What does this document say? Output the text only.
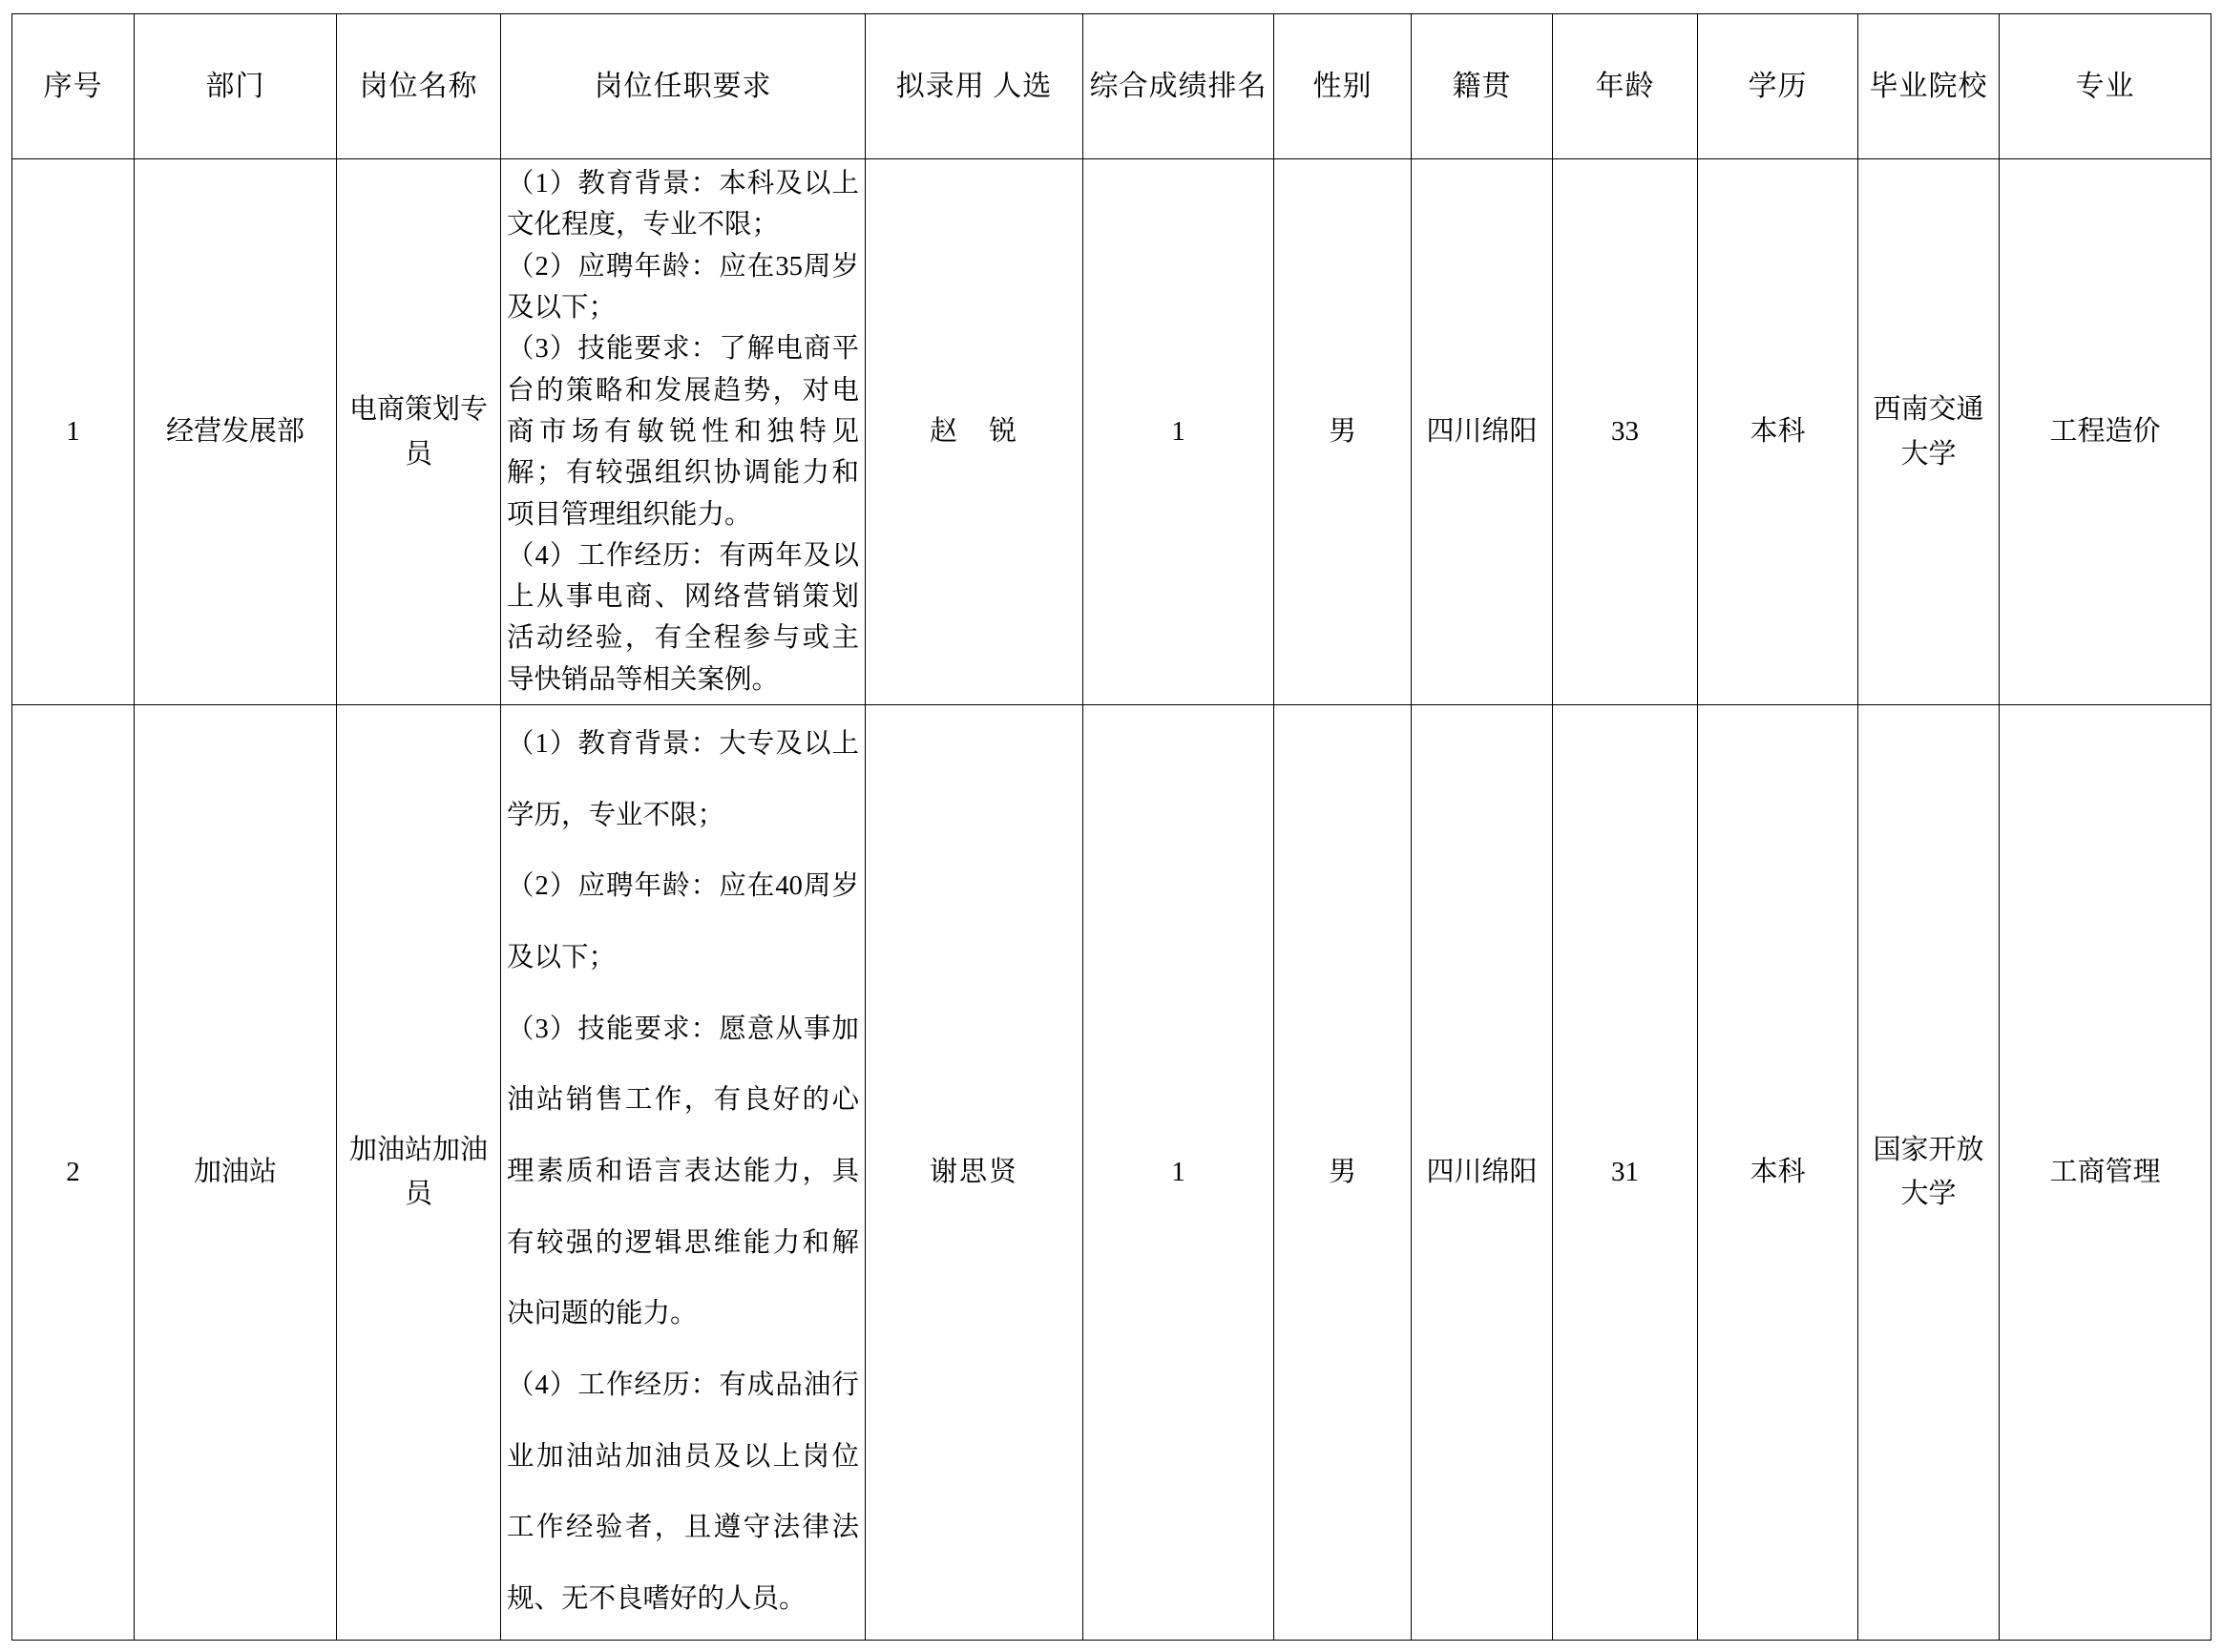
序号	部门	岗位名称	岗位任职要求	拟录用 人选	综合成绩排名	性别	籍贯	年龄	学历	毕业院校	专业

1	经营发展部	电商策划专员	（1）教育背景：本科及以上文化程度，专业不限；

（2）应聘年龄：应在35周岁及以下；

（3）技能要求：了解电商平台的策略和发展趋势，对电商市场有敏锐性和独特见解；有较强组织协调能力和项目管理组织能力。

（4）工作经历：有两年及以上从事电商、网络营销策划活动经验，有全程参与或主导快销品等相关案例。	赵　锐	1	男	四川绵阳	33	本科	西南交通大学	工程造价
2	加油站	加油站加油员	（1）教育背景：大专及以上学历，专业不限；

（2）应聘年龄：应在40周岁及以下；

（3）技能要求：愿意从事加油站销售工作，有良好的心理素质和语言表达能力，具有较强的逻辑思维能力和解决问题的能力。

（4）工作经历：有成品油行业加油站加油员及以上岗位工作经验者，且遵守法律法规、无不良嗜好的人员。	谢思贤	1	男	四川绵阳	31	本科	国家开放大学	工商管理
